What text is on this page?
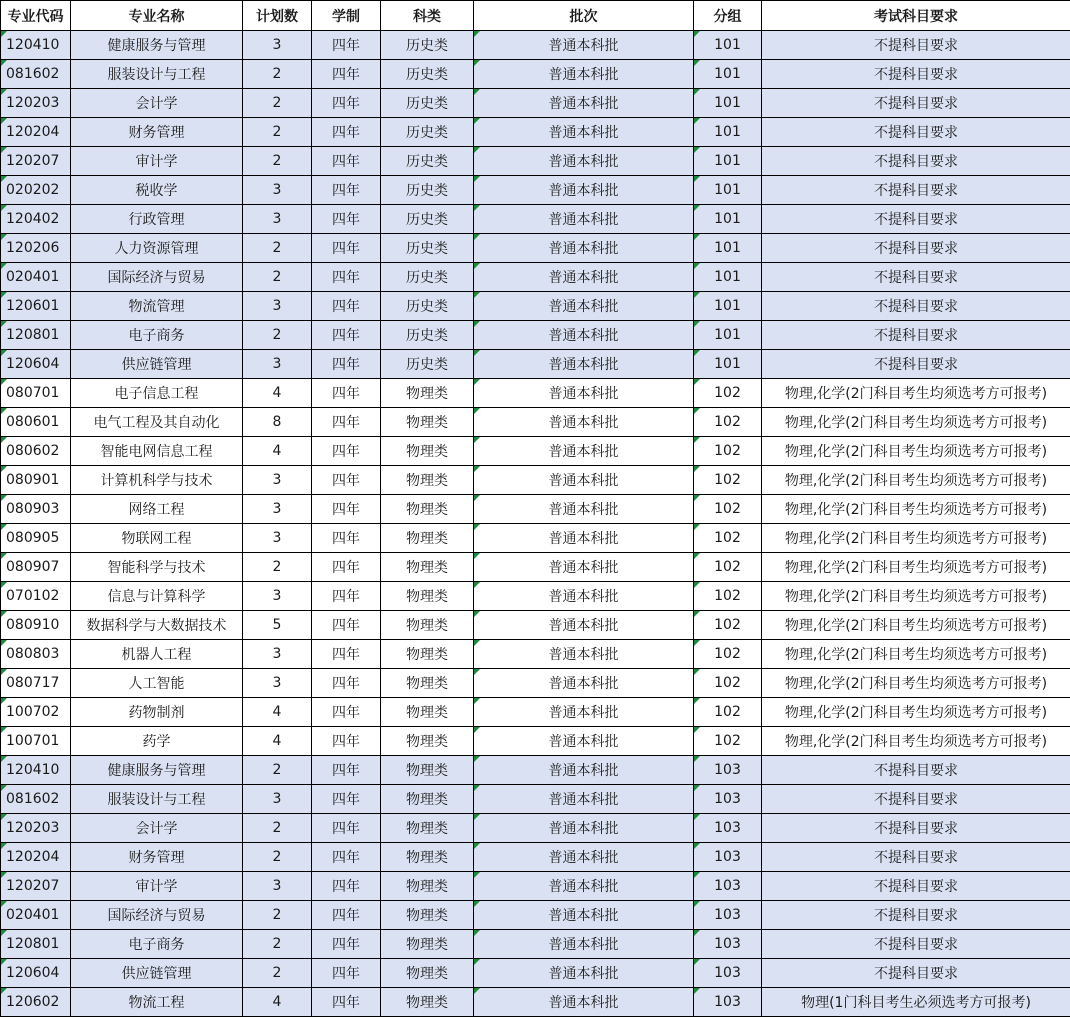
专业代码	专业名称	计划数	学制	科类	批次	分组	考试科目要求
120410	健康服务与管理	3	四年	历史类	普通本科批	101	不提科目要求
081602	服装设计与工程	2	四年	历史类	普通本科批	101	不提科目要求
120203	会计学	2	四年	历史类	普通本科批	101	不提科目要求
120204	财务管理	2	四年	历史类	普通本科批	101	不提科目要求
120207	审计学	2	四年	历史类	普通本科批	101	不提科目要求
020202	税收学	3	四年	历史类	普通本科批	101	不提科目要求
120402	行政管理	3	四年	历史类	普通本科批	101	不提科目要求
120206	人力资源管理	2	四年	历史类	普通本科批	101	不提科目要求
020401	国际经济与贸易	2	四年	历史类	普通本科批	101	不提科目要求
120601	物流管理	3	四年	历史类	普通本科批	101	不提科目要求
120801	电子商务	2	四年	历史类	普通本科批	101	不提科目要求
120604	供应链管理	3	四年	历史类	普通本科批	101	不提科目要求
080701	电子信息工程	4	四年	物理类	普通本科批	102	物理,化学(2门科目考生均须选考方可报考)
080601	电气工程及其自动化	8	四年	物理类	普通本科批	102	物理,化学(2门科目考生均须选考方可报考)
080602	智能电网信息工程	4	四年	物理类	普通本科批	102	物理,化学(2门科目考生均须选考方可报考)
080901	计算机科学与技术	3	四年	物理类	普通本科批	102	物理,化学(2门科目考生均须选考方可报考)
080903	网络工程	3	四年	物理类	普通本科批	102	物理,化学(2门科目考生均须选考方可报考)
080905	物联网工程	3	四年	物理类	普通本科批	102	物理,化学(2门科目考生均须选考方可报考)
080907	智能科学与技术	2	四年	物理类	普通本科批	102	物理,化学(2门科目考生均须选考方可报考)
070102	信息与计算科学	3	四年	物理类	普通本科批	102	物理,化学(2门科目考生均须选考方可报考)
080910	数据科学与大数据技术	5	四年	物理类	普通本科批	102	物理,化学(2门科目考生均须选考方可报考)
080803	机器人工程	3	四年	物理类	普通本科批	102	物理,化学(2门科目考生均须选考方可报考)
080717	人工智能	3	四年	物理类	普通本科批	102	物理,化学(2门科目考生均须选考方可报考)
100702	药物制剂	4	四年	物理类	普通本科批	102	物理,化学(2门科目考生均须选考方可报考)
100701	药学	4	四年	物理类	普通本科批	102	物理,化学(2门科目考生均须选考方可报考)
120410	健康服务与管理	2	四年	物理类	普通本科批	103	不提科目要求
081602	服装设计与工程	3	四年	物理类	普通本科批	103	不提科目要求
120203	会计学	2	四年	物理类	普通本科批	103	不提科目要求
120204	财务管理	2	四年	物理类	普通本科批	103	不提科目要求
120207	审计学	3	四年	物理类	普通本科批	103	不提科目要求
020401	国际经济与贸易	2	四年	物理类	普通本科批	103	不提科目要求
120801	电子商务	2	四年	物理类	普通本科批	103	不提科目要求
120604	供应链管理	2	四年	物理类	普通本科批	103	不提科目要求
120602	物流工程	4	四年	物理类	普通本科批	103	物理(1门科目考生必须选考方可报考)
